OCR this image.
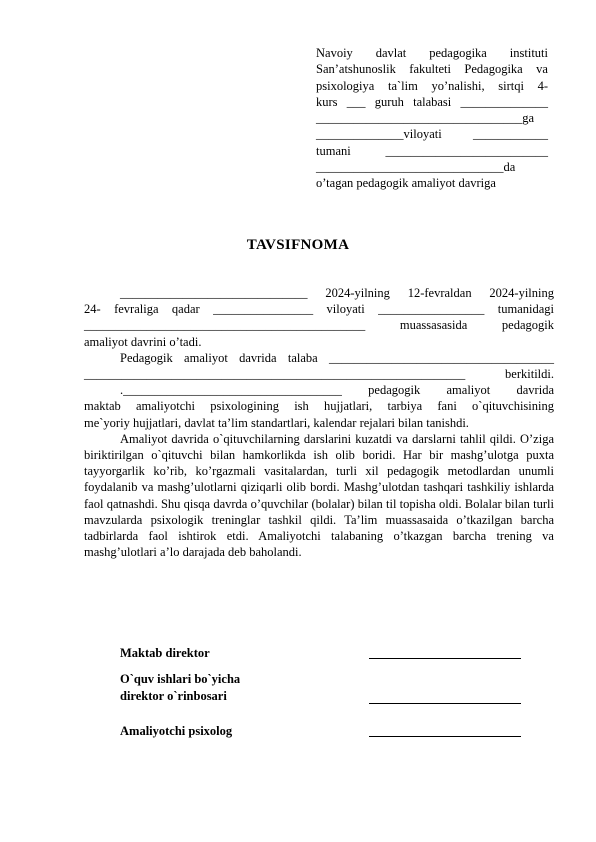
Navoiy davlat pedagogika instituti
San’atshunoslik fakulteti Pedagogika va
psixologiya ta`lim yo’nalishi, sirtqi 4-
kurs ___ guruh talabasi ______________
_________________________________ga
______________viloyati ____________
tumani __________________________
______________________________da
o’tagan pedagogik amaliyot davriga
TAVSIFNOMA
______________________________ 2024-yilning 12-fevraldan 2024-yilning
24- fevraliga qadar ________________ viloyati _________________ tumanidagi
_____________________________________________ muassasasida pedagogik
amaliyot davrini o’tadi.
Pedagogik amaliyot davrida talaba ____________________________________
_____________________________________________________________ berkitildi.
.___________________________________ pedagogik amaliyot davrida
maktab amaliyotchi psixologining ish hujjatlari, tarbiya fani o`qituvchisining
me`yoriy hujjatlari, davlat ta’lim standartlari, kalendar rejalari bilan tanishdi.

Amaliyot davrida o`qituvchilarning darslarini kuzatdi va darslarni tahlil qildi. O’ziga biriktirilgan o`qituvchi bilan hamkorlikda ish olib boridi. Har bir mashg’ulotga puxta tayyorgarlik ko’rib, ko’rgazmali vasitalardan, turli xil pedagogik metodlardan unumli foydalanib va mashg’ulotlarni qiziqarli olib bordi. Mashg’ulotdan tashqari tashkiliy ishlarda faol qatnashdi. Shu qisqa davrda o’quvchilar (bolalar) bilan til topisha oldi. Bolalar bilan turli mavzularda psixologik treninglar tashkil qildi. Ta’lim muassasaida o’tkazilgan barcha tadbirlarda faol ishtirok etdi. Amaliyotchi talabaning o’tkazgan barcha trening va mashg’ulotlari a’lo darajada deb baholandi.

Maktab direktor
O`quv ishlari bo`yicha
direktor o`rinbosari
Amaliyotchi psixolog
